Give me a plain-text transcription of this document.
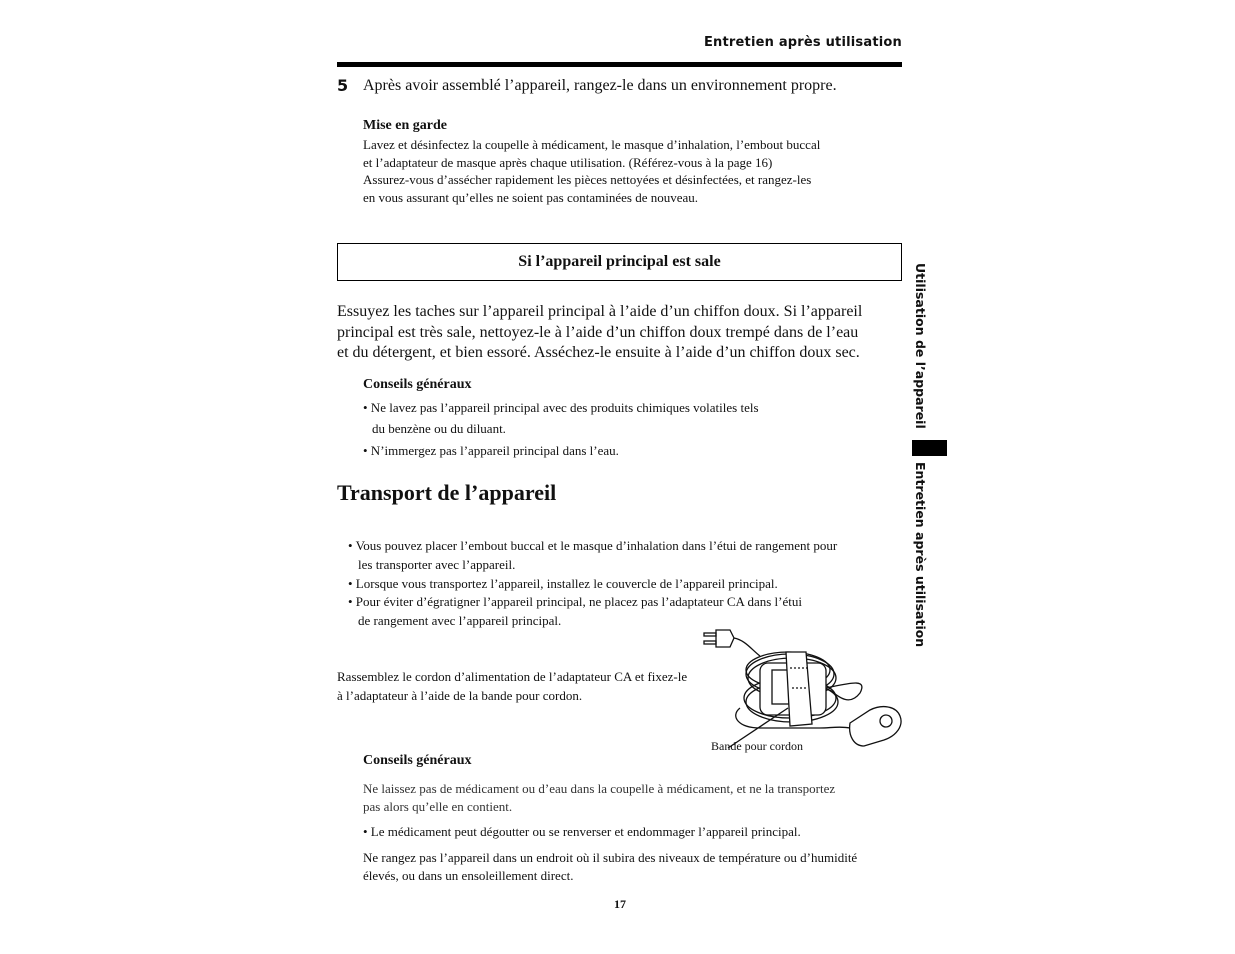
Entretien après utilisation
5 Après avoir assemblé l’appareil, rangez-le dans un environnement propre.
Mise en garde
Lavez et désinfectez la coupelle à médicament, le masque d’inhalation, l’embout buccal
et l’adaptateur de masque après chaque utilisation. (Référez-vous à la page 16)
Assurez-vous d’assécher rapidement les pièces nettoyées et désinfectées, et rangez-les
en vous assurant qu’elles ne soient pas contaminées de nouveau.
Si l’appareil principal est sale
Essuyez les taches sur l’appareil principal à l’aide d’un chiffon doux. Si l’appareil
principal est très sale, nettoyez-le à l’aide d’un chiffon doux trempé dans de l’eau
et du détergent, et bien essoré. Asséchez-le ensuite à l’aide d’un chiffon doux sec.
Conseils généraux
• Ne lavez pas l’appareil principal avec des produits chimiques volatiles tels
du benzène ou du diluant.
• N’immergez pas l’appareil principal dans l’eau.
Transport de l’appareil
• Vous pouvez placer l’embout buccal et le masque d’inhalation dans l’étui de rangement pour
les transporter avec l’appareil.
• Lorsque vous transportez l’appareil, installez le couvercle de l’appareil principal.
• Pour éviter d’égratigner l’appareil principal, ne placez pas l’adaptateur CA dans l’étui
de rangement avec l’appareil principal.
Rassemblez le cordon d’alimentation de l’adaptateur CA et fixez-le
à l’adaptateur à l’aide de la bande pour cordon.
Bande pour cordon
Conseils généraux
Ne laissez pas de médicament ou d’eau dans la coupelle à médicament, et ne la transportez
pas alors qu’elle en contient.
• Le médicament peut dégoutter ou se renverser et endommager l’appareil principal.
Ne rangez pas l’appareil dans un endroit où il subira des niveaux de température ou d’humidité
élevés, ou dans un ensoleillement direct.
Utilisation de l’appareil
Entretien après utilisation
17
